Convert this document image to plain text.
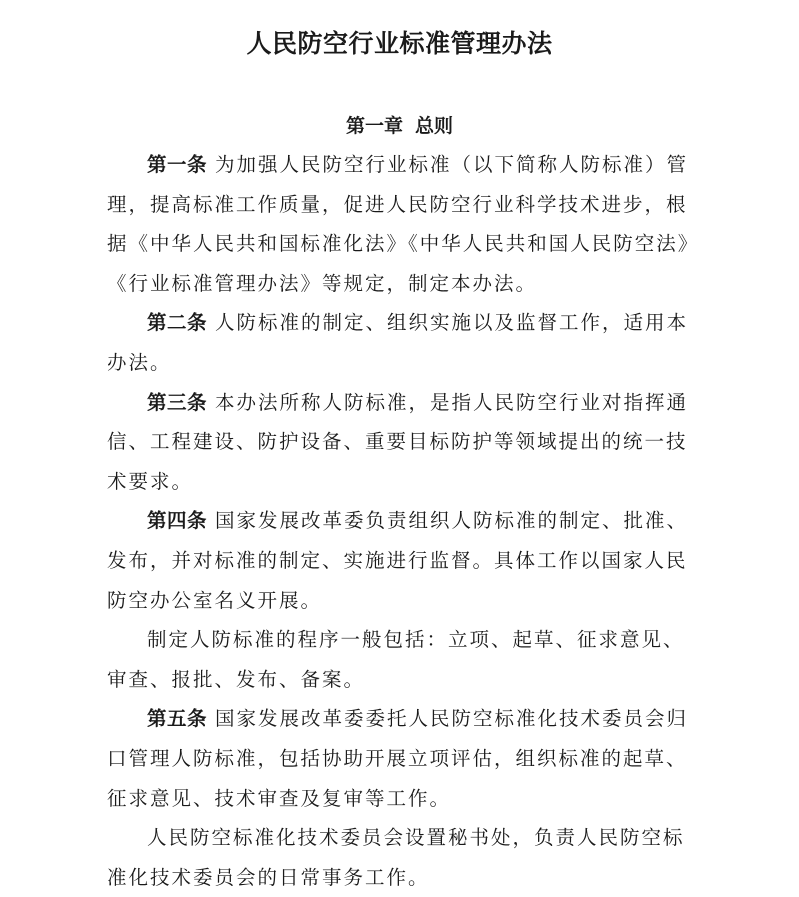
人民防空行业标准管理办法
第一章 总则

第一条 为加强人民防空行业标准（以下简称人防标准）管理，提高标准工作质量，促进人民防空行业科学技术进步，根据《中华人民共和国标准化法》《中华人民共和国人民防空法》《行业标准管理办法》等规定，制定本办法。

第二条 人防标准的制定、组织实施以及监督工作，适用本办法。

第三条 本办法所称人防标准，是指人民防空行业对指挥通信、工程建设、防护设备、重要目标防护等领域提出的统一技术要求。

第四条 国家发展改革委负责组织人防标准的制定、批准、发布，并对标准的制定、实施进行监督。具体工作以国家人民防空办公室名义开展。

制定人防标准的程序一般包括：立项、起草、征求意见、审查、报批、发布、备案。

第五条 国家发展改革委委托人民防空标准化技术委员会归口管理人防标准，包括协助开展立项评估，组织标准的起草、征求意见、技术审查及复审等工作。

人民防空标准化技术委员会设置秘书处，负责人民防空标准化技术委员会的日常事务工作。
